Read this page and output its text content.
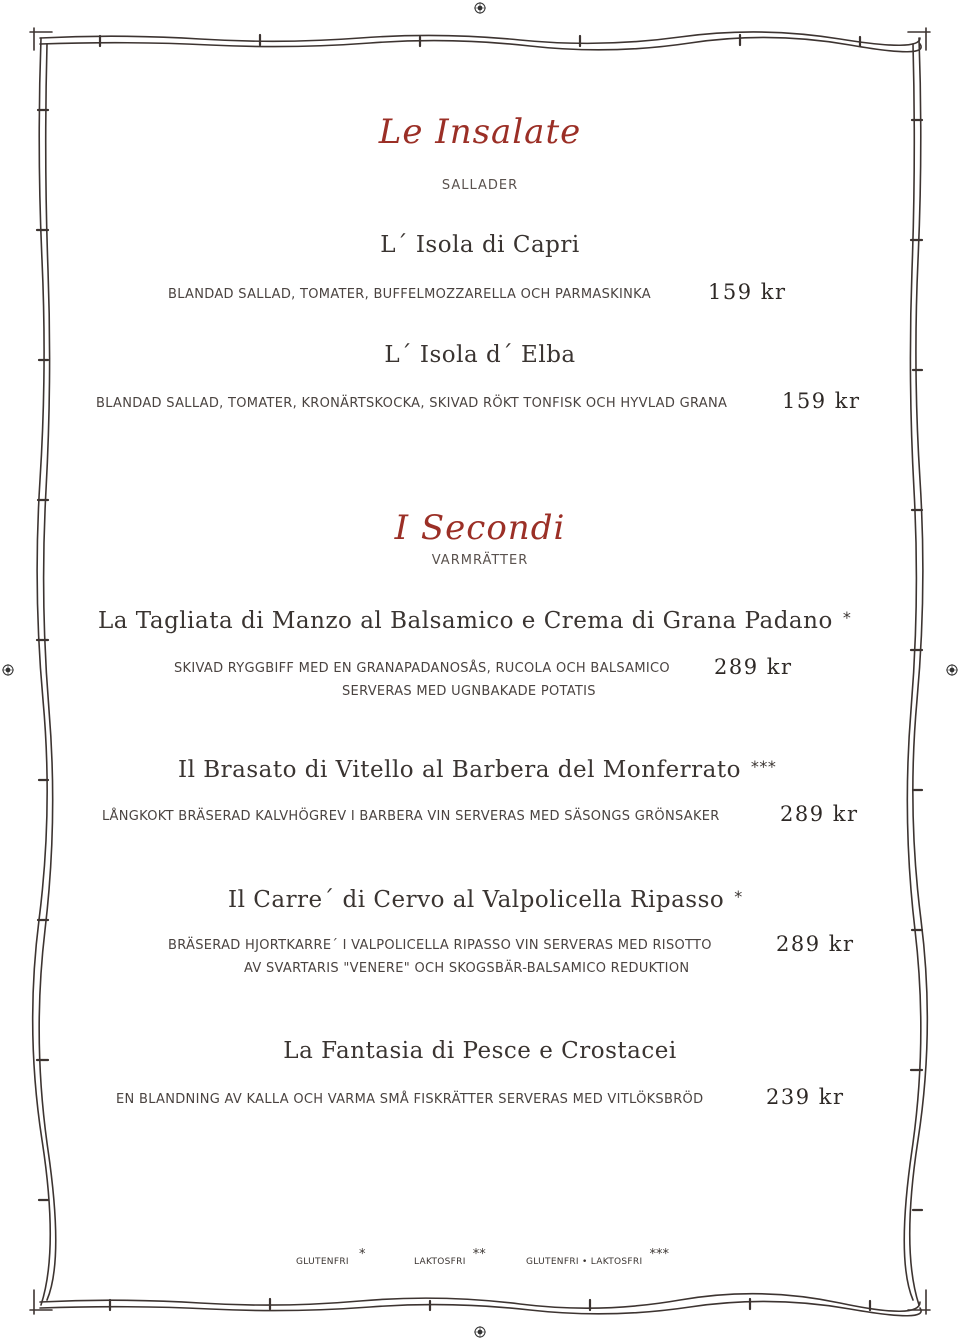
Le Insalate
SALLADER
L´ Isola di Capri
BLANDAD SALLAD, TOMATER, BUFFELMOZZARELLA OCH PARMASKINKA	159 kr
L´ Isola d´ Elba
BLANDAD SALLAD, TOMATER, KRONÄRTSKOCKA, SKIVAD RÖKT TONFISK OCH HYVLAD GRANA	159 kr
I Secondi
VARMRÄTTER
La Tagliata di Manzo al Balsamico e Crema di Grana Padano *
SKIVAD RYGGBIFF MED EN GRANAPADANOSÅS, RUCOLA OCH BALSAMICO
SERVERAS MED UGNBAKADE POTATIS
289 kr
Il Brasato di Vitello al Barbera del Monferrato ***
LÅNGKOKT BRÄSERAD KALVHÖGREV I BARBERA VIN SERVERAS MED SÄSONGS GRÖNSAKER	289 kr
Il Carre´ di Cervo al Valpolicella Ripasso *
BRÄSERAD HJORTKARRE´ I VALPOLICELLA RIPASSO VIN SERVERAS MED RISOTTO
AV SVARTARIS "VENERE" OCH SKOGSBÄR-BALSAMICO REDUKTION
289 kr
La Fantasia di Pesce e Crostacei
EN BLANDNING AV KALLA OCH VARMA SMÅ FISKRÄTTER SERVERAS MED VITLÖKSBRÖD	239 kr
GLUTENFRI *	LAKTOSFRI **	GLUTENFRI • LAKTOSFRI ***
